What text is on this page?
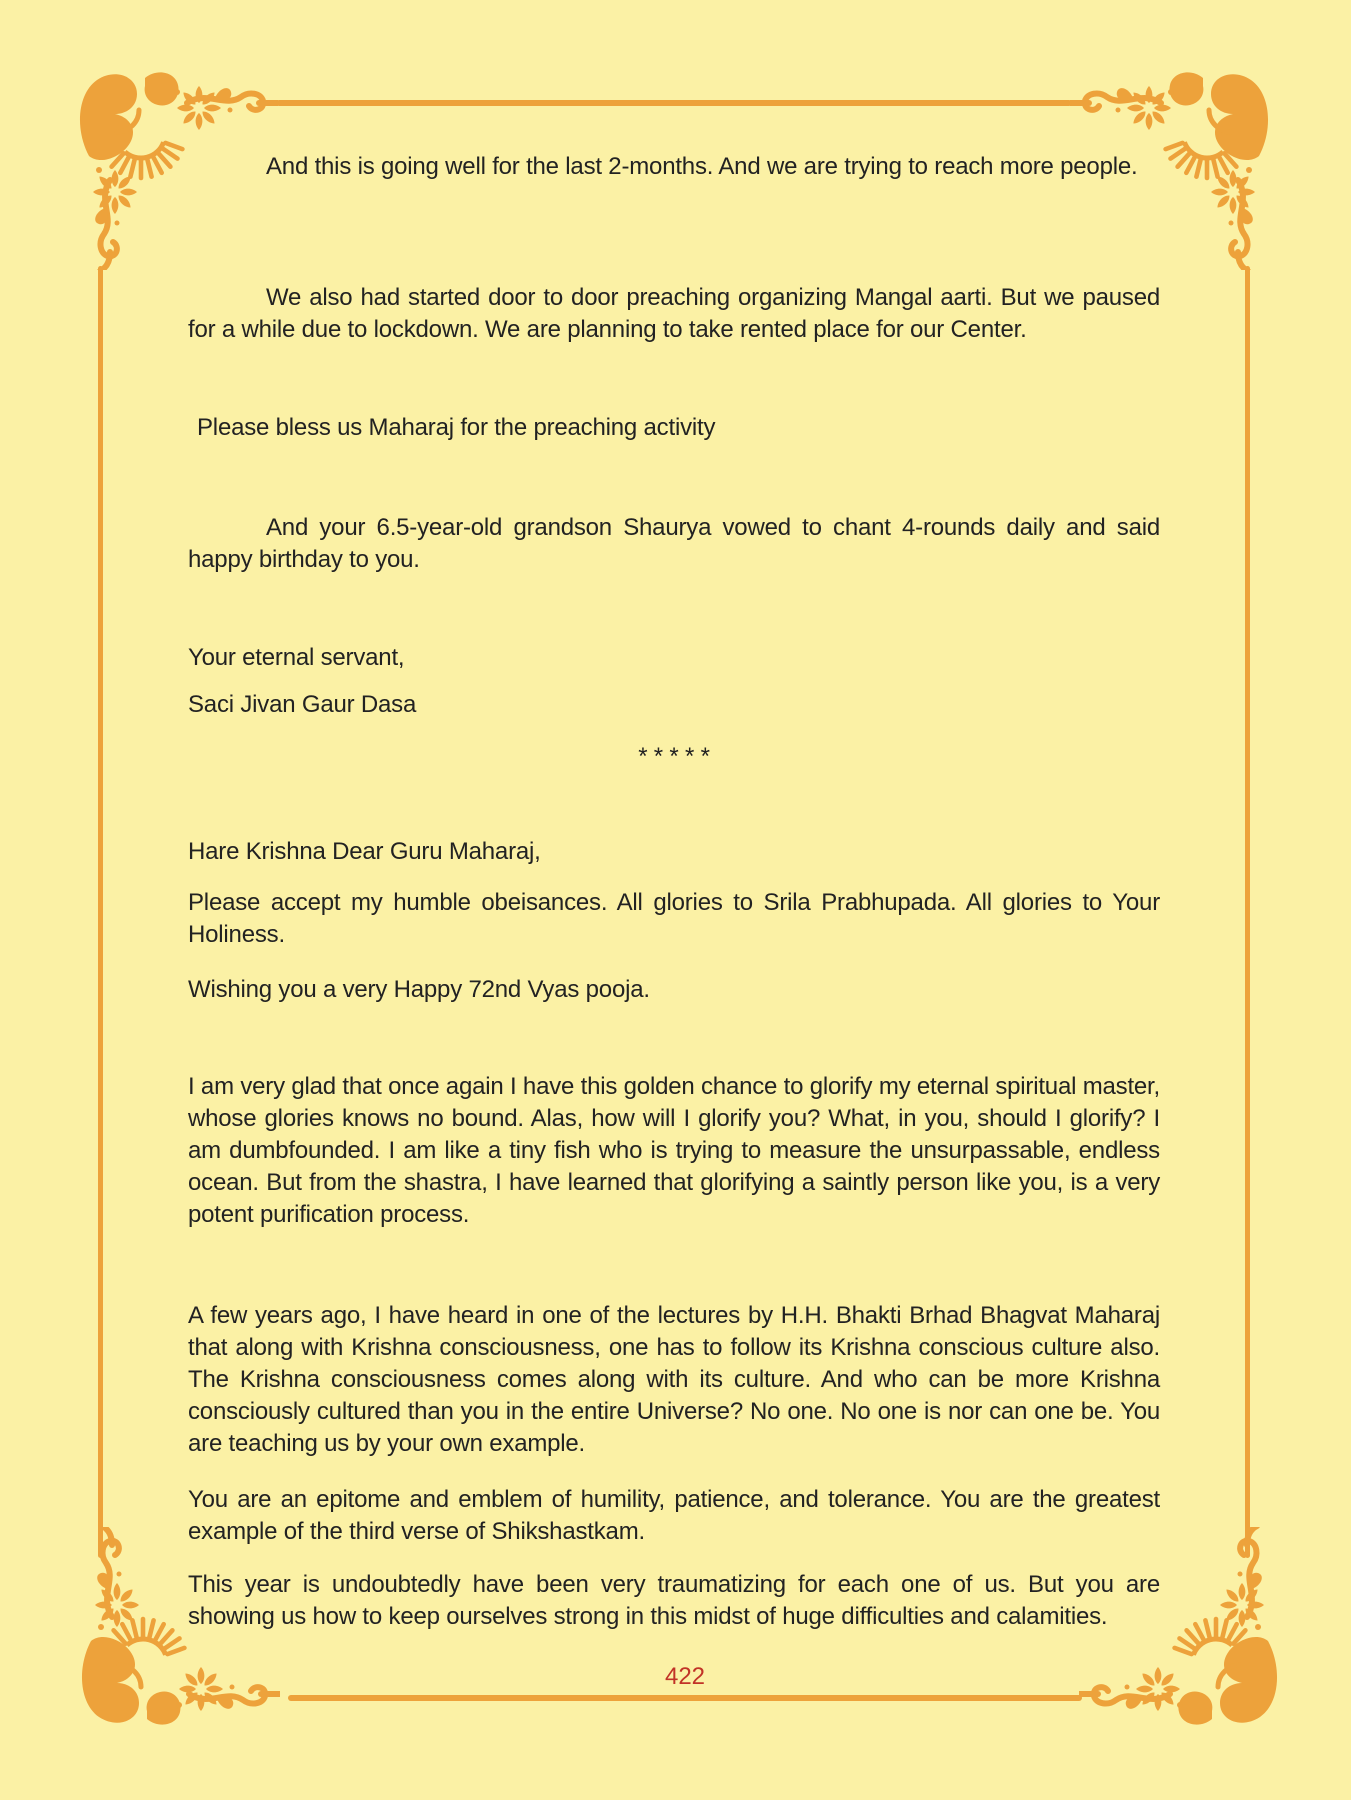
And this is going well for the last 2-months. And we are trying to reach more people.

We also had started door to door preaching organizing Mangal aarti. But we paused for a while due to lockdown. We are planning to take rented place for our Center.

Please bless us Maharaj for the preaching activity

And your 6.5-year-old grandson Shaurya vowed to chant 4-rounds daily and said happy birthday to you.

Your eternal servant,

Saci Jivan Gaur Dasa

* * * * *

Hare Krishna Dear Guru Maharaj,

Please accept my humble obeisances. All glories to Srila Prabhupada. All glories to Your Holiness.

Wishing you a very Happy 72nd Vyas pooja.

I am very glad that once again I have this golden chance to glorify my eternal spiritual master, whose glories knows no bound. Alas, how will I glorify you? What, in you, should I glorify? I am dumbfounded. I am like a tiny fish who is trying to measure the unsurpassable, endless ocean. But from the shastra, I have learned that glorifying a saintly person like you, is a very potent purification process.

A few years ago, I have heard in one of the lectures by H.H. Bhakti Brhad Bhagvat Maharaj that along with Krishna consciousness, one has to follow its Krishna conscious culture also. The Krishna consciousness comes along with its culture. And who can be more Krishna consciously cultured than you in the entire Universe? No one. No one is nor can one be. You are teaching us by your own example.

You are an epitome and emblem of humility, patience, and tolerance. You are the greatest example of the third verse of Shikshastkam.

This year is undoubtedly have been very traumatizing for each one of us. But you are showing us how to keep ourselves strong in this midst of huge difficulties and calamities.

422
